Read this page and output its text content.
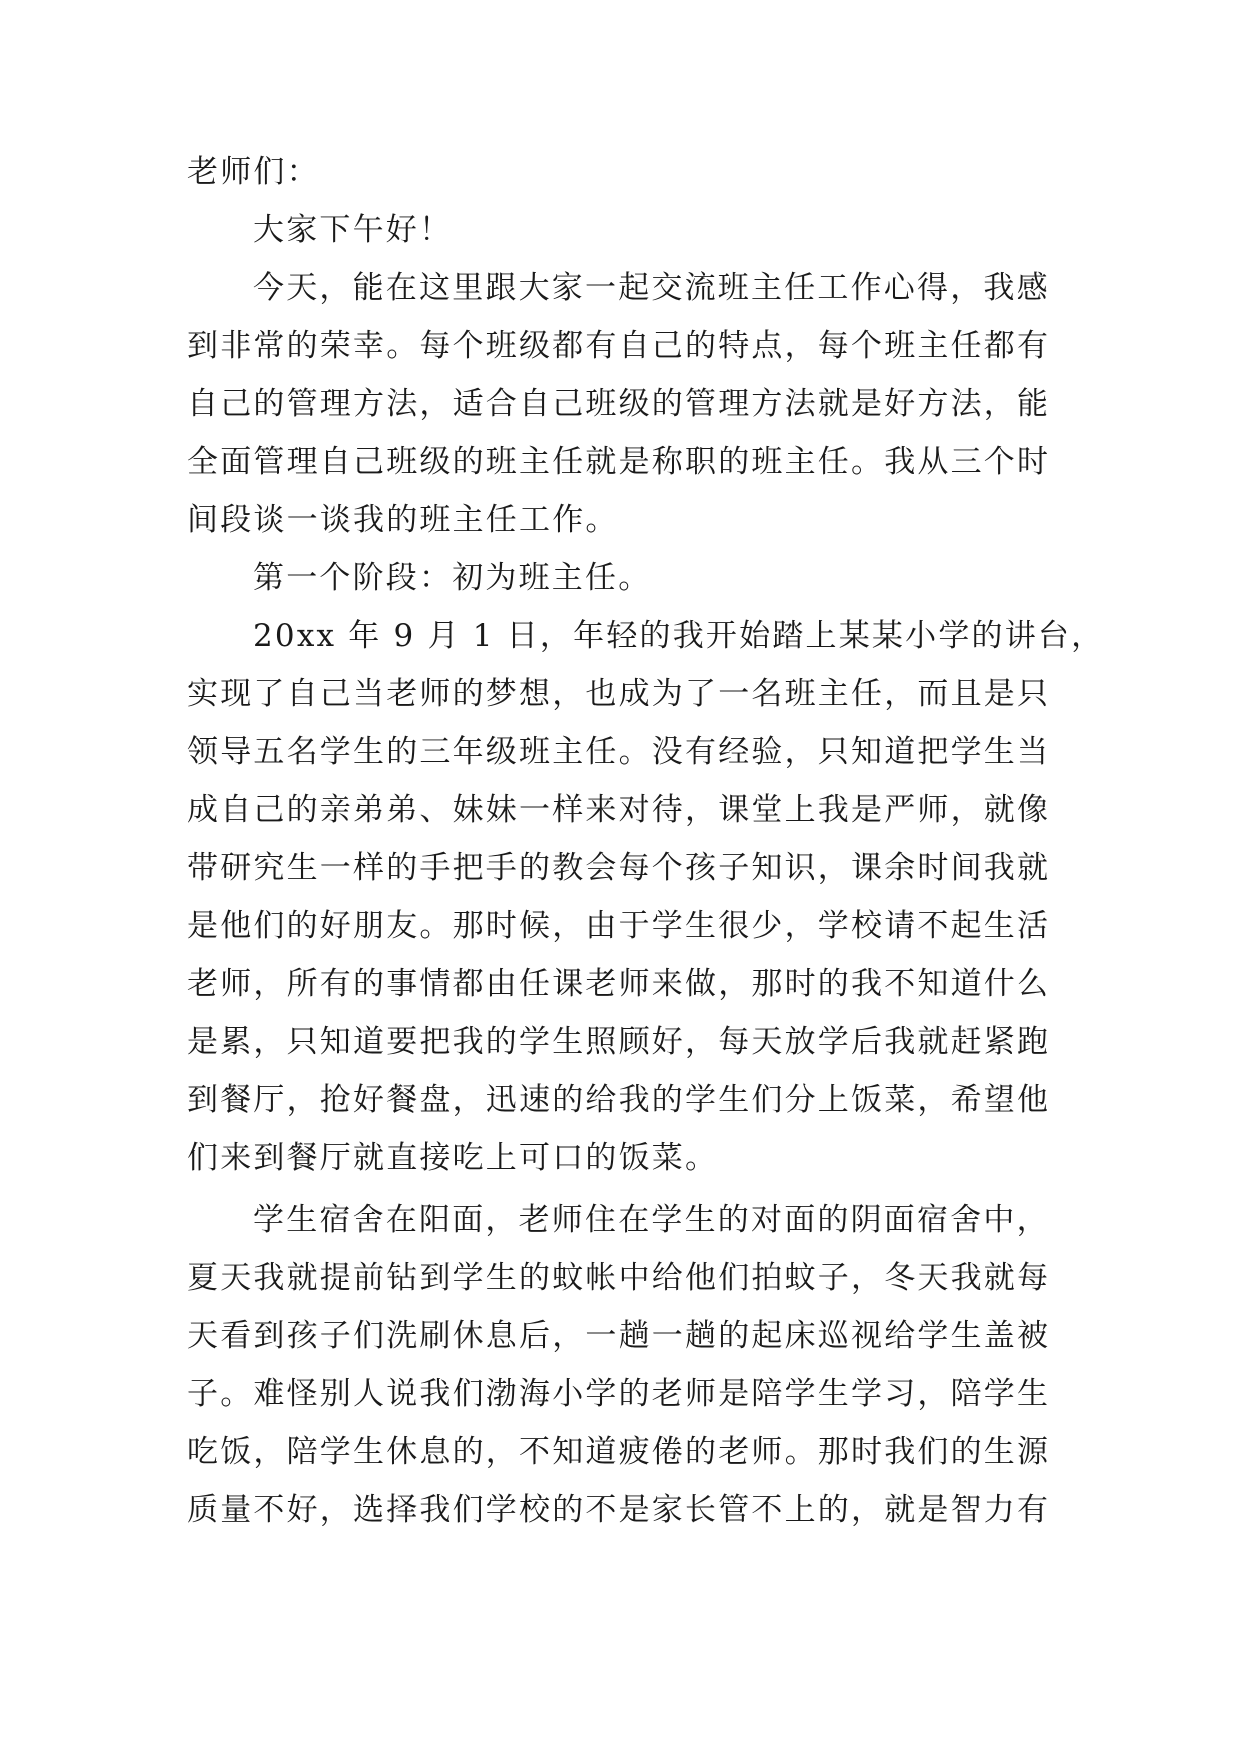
老师们：
大家下午好！
今天，能在这里跟大家一起交流班主任工作心得，我感
到非常的荣幸。每个班级都有自己的特点，每个班主任都有
自己的管理方法，适合自己班级的管理方法就是好方法，能
全面管理自己班级的班主任就是称职的班主任。我从三个时
间段谈一谈我的班主任工作。
第一个阶段：初为班主任。
20xx 年 9 月 1 日，年轻的我开始踏上某某小学的讲台，
实现了自己当老师的梦想，也成为了一名班主任，而且是只
领导五名学生的三年级班主任。没有经验，只知道把学生当
成自己的亲弟弟、妹妹一样来对待，课堂上我是严师，就像
带研究生一样的手把手的教会每个孩子知识，课余时间我就
是他们的好朋友。那时候，由于学生很少，学校请不起生活
老师，所有的事情都由任课老师来做，那时的我不知道什么
是累，只知道要把我的学生照顾好，每天放学后我就赶紧跑
到餐厅，抢好餐盘，迅速的给我的学生们分上饭菜，希望他
们来到餐厅就直接吃上可口的饭菜。
学生宿舍在阳面，老师住在学生的对面的阴面宿舍中，
夏天我就提前钻到学生的蚊帐中给他们拍蚊子，冬天我就每
天看到孩子们洗刷休息后，一趟一趟的起床巡视给学生盖被
子。难怪别人说我们渤海小学的老师是陪学生学习，陪学生
吃饭，陪学生休息的，不知道疲倦的老师。那时我们的生源
质量不好，选择我们学校的不是家长管不上的，就是智力有
